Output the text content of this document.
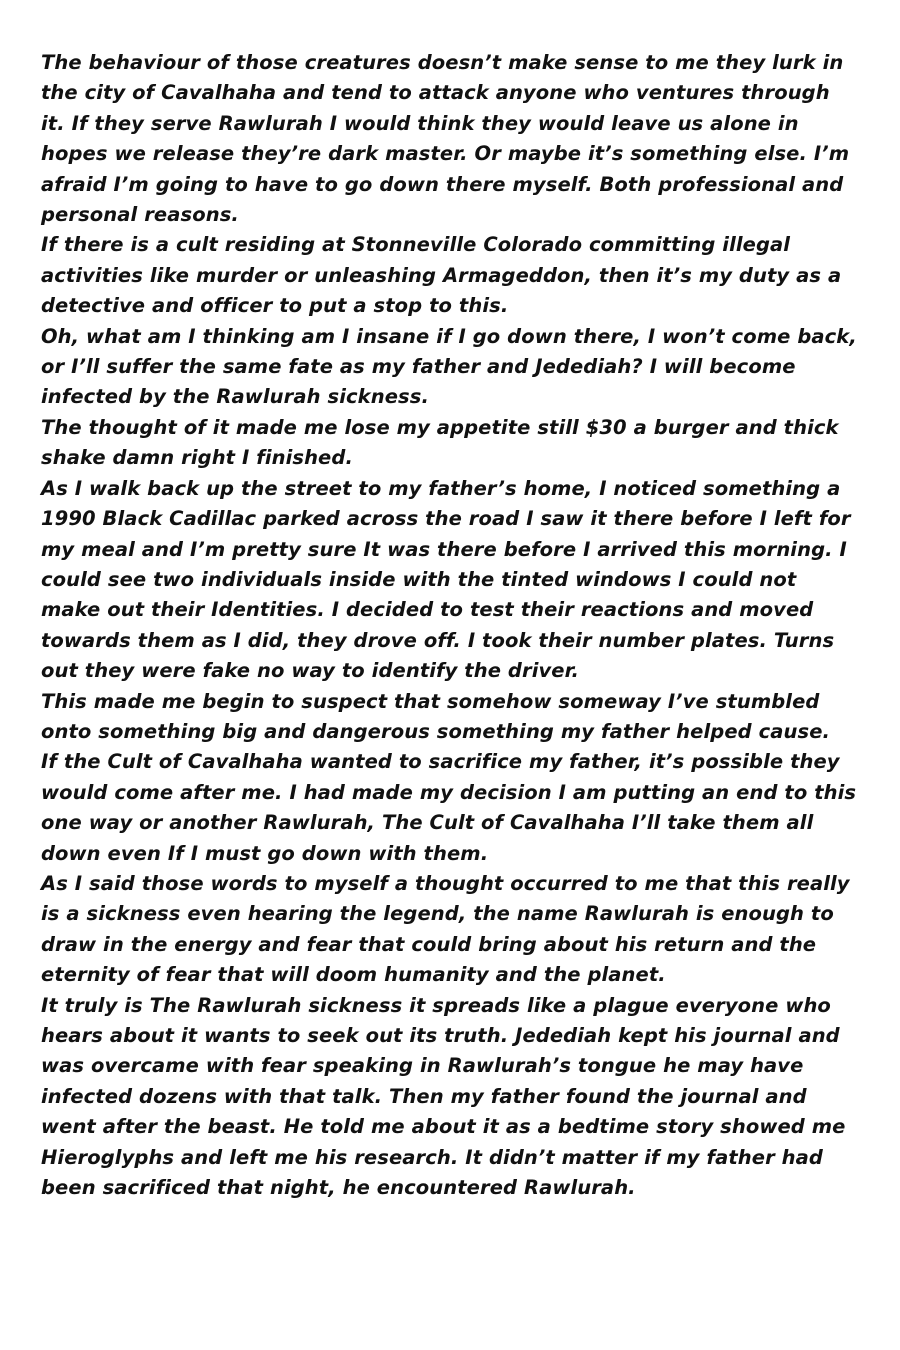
The behaviour of those creatures doesn’t make sense to me they lurk in the city of Cavalhaha and tend to attack anyone who ventures through it. If they serve Rawlurah I would think they would leave us alone in hopes we release they’re dark master. Or maybe it’s something else. I’m afraid I’m going to have to go down there myself. Both professional and personal reasons.

If there is a cult residing at Stonneville Colorado committing illegal activities like murder or unleashing Armageddon, then it’s my duty as a detective and officer to put a stop to this.

Oh, what am I thinking am I insane if I go down there, I won’t come back, or I’ll suffer the same fate as my father and Jedediah? I will become infected by the Rawlurah sickness.

The thought of it made me lose my appetite still $30 a burger and thick shake damn right I finished.

As I walk back up the street to my father’s home, I noticed something a 1990 Black Cadillac parked across the road I saw it there before I left for my meal and I’m pretty sure It was there before I arrived this morning. I could see two individuals inside with the tinted windows I could not make out their Identities. I decided to test their reactions and moved towards them as I did, they drove off. I took their number plates. Turns out they were fake no way to identify the driver.

This made me begin to suspect that somehow someway I’ve stumbled onto something big and dangerous something my father helped cause.

If the Cult of Cavalhaha wanted to sacrifice my father, it’s possible they would come after me. I had made my decision I am putting an end to this one way or another Rawlurah, The Cult of Cavalhaha I’ll take them all down even If I must go down with them.

As I said those words to myself a thought occurred to me that this really is a sickness even hearing the legend, the name Rawlurah is enough to draw in the energy and fear that could bring about his return and the eternity of fear that will doom humanity and the planet.

It truly is The Rawlurah sickness it spreads like a plague everyone who hears about it wants to seek out its truth. Jedediah kept his journal and was overcame with fear speaking in Rawlurah’s tongue he may have infected dozens with that talk. Then my father found the journal and went after the beast. He told me about it as a bedtime story showed me Hieroglyphs and left me his research. It didn’t matter if my father had been sacrificed that night, he encountered Rawlurah.
